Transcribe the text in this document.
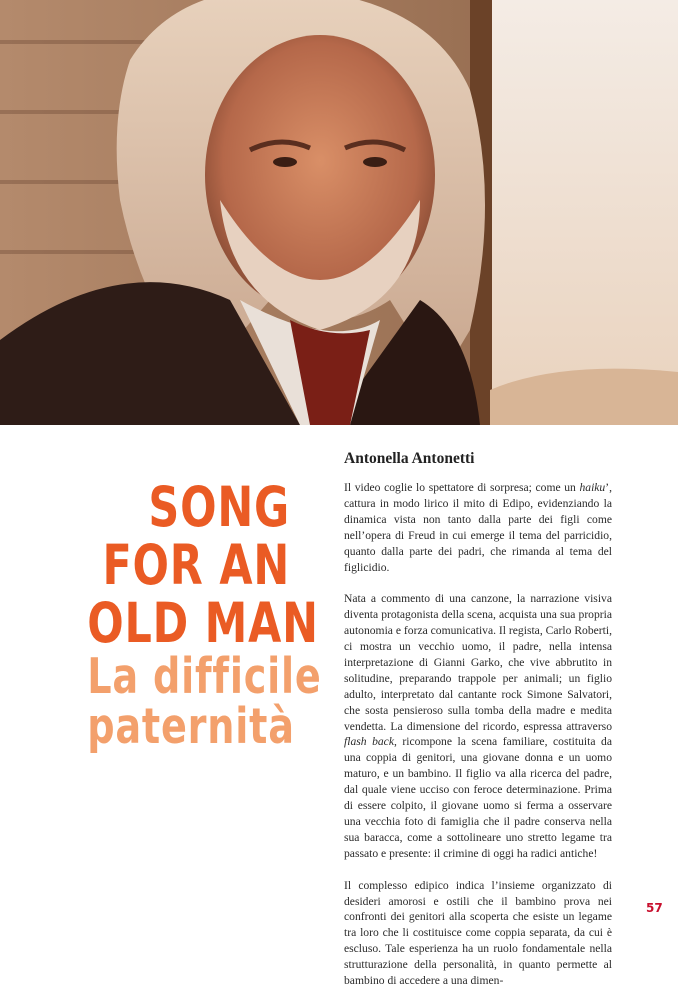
SONG
FOR AN
OLD MAN
La difficile
paternità
Antonella Antonetti

Il video coglie lo spettatore di sorpresa; come un haiku’, cattura in modo lirico il mito di Edipo, evidenziando la dinamica vista non tanto dalla parte dei figli come nell’opera di Freud in cui emerge il tema del parricidio, quanto dalla parte dei padri, che rimanda al tema del figlicidio.

Nata a commento di una canzone, la narrazione visiva diventa protagonista della scena, acquista una sua propria autonomia e forza comunicativa. Il regista, Carlo Roberti, ci mostra un vecchio uomo, il padre, nella intensa interpretazione di Gianni Garko, che vive abbrutito in solitudine, preparando trappole per animali; un figlio adulto, interpretato dal cantante rock Simone Salvatori, che sosta pensieroso sulla tomba della madre e medita vendetta. La dimensione del ricordo, espressa attraverso flash back, ricompone la scena familiare, costituita da una coppia di genitori, una giovane donna e un uomo maturo, e un bambino. Il figlio va alla ricerca del padre, dal quale viene ucciso con feroce determinazione. Prima di essere colpito, il giovane uomo si ferma a osservare una vecchia foto di famiglia che il padre conserva nella sua baracca, come a sottolineare uno stretto legame tra passato e presente: il crimine di oggi ha radici antiche!

Il complesso edipico indica l’insieme organizzato di desideri amorosi e ostili che il bambino prova nei confronti dei genitori alla scoperta che esiste un legame tra loro che li costituisce come coppia separata, da cui è escluso. Tale esperienza ha un ruolo fondamentale nella strutturazione della personalità, in quanto permette al bambino di accedere a una dimen-

57
